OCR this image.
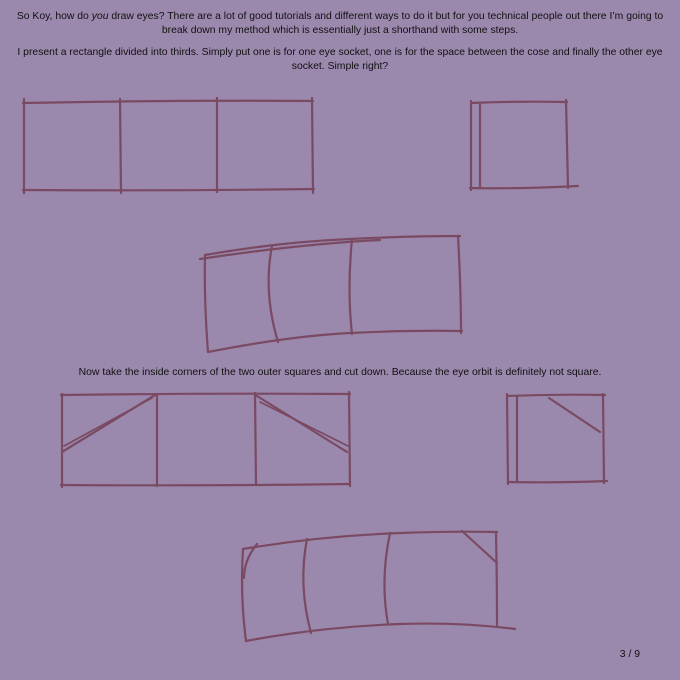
So Koy, how do you draw eyes? There are a lot of good tutorials and different ways to do it but for you technical people out there I’m going to break down my method which is essentially just a shorthand with some steps.

I present a rectangle divided into thirds. Simply put one is for one eye socket, one is for the space between the cose and finally the other eye socket. Simple right?

Now take the inside corners of the two outer squares and cut down. Because the eye orbit is definitely not square.

3 / 9
